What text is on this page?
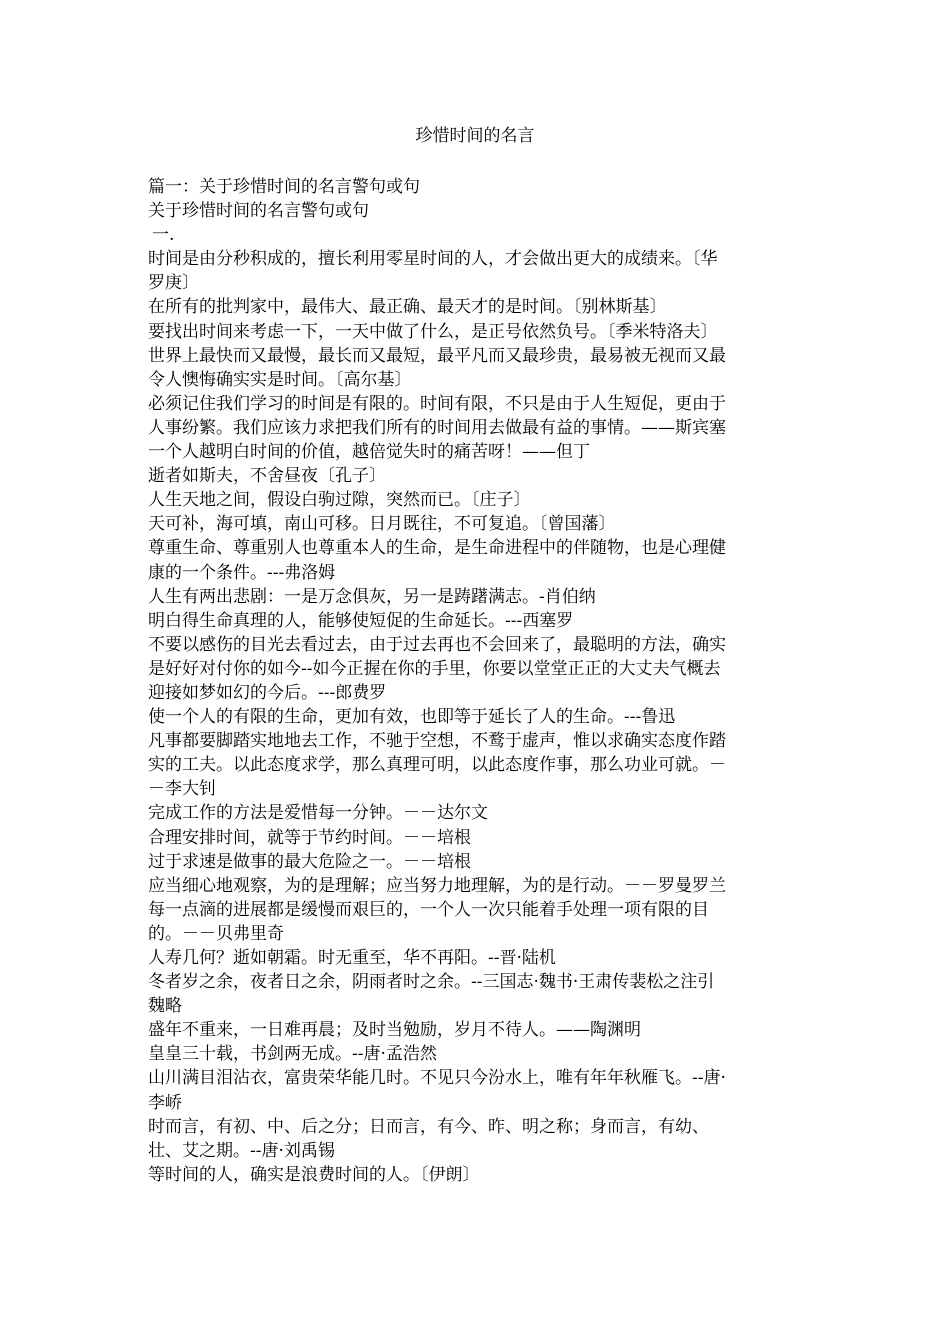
珍惜时间的名言
篇一：关于珍惜时间的名言警句或句
关于珍惜时间的名言警句或句
一.
时间是由分秒积成的，擅长利用零星时间的人，才会做出更大的成绩来。〔华
罗庚〕
在所有的批判家中，最伟大、最正确、最天才的是时间。〔别林斯基〕
要找出时间来考虑一下，一天中做了什么，是正号依然负号。〔季米特洛夫〕
世界上最快而又最慢，最长而又最短，最平凡而又最珍贵，最易被无视而又最
令人懊悔确实实是时间。〔高尔基〕
必须记住我们学习的时间是有限的。时间有限，不只是由于人生短促，更由于
人事纷繁。我们应该力求把我们所有的时间用去做最有益的事情。——斯宾塞
一个人越明白时间的价值，越倍觉失时的痛苦呀！——但丁
逝者如斯夫，不舍昼夜〔孔子〕
人生天地之间，假设白驹过隙，突然而已。〔庄子〕
天可补，海可填，南山可移。日月既往，不可复追。〔曾国藩〕
尊重生命、尊重别人也尊重本人的生命，是生命进程中的伴随物，也是心理健
康的一个条件。---弗洛姆
人生有两出悲剧：一是万念俱灰，另一是踌躇满志。-肖伯纳
明白得生命真理的人，能够使短促的生命延长。---西塞罗
不要以感伤的目光去看过去，由于过去再也不会回来了，最聪明的方法，确实
是好好对付你的如今--如今正握在你的手里，你要以堂堂正正的大丈夫气概去
迎接如梦如幻的今后。---郎费罗
使一个人的有限的生命，更加有效，也即等于延长了人的生命。---鲁迅
凡事都要脚踏实地地去工作，不驰于空想，不鹜于虚声，惟以求确实态度作踏
实的工夫。以此态度求学，那么真理可明，以此态度作事，那么功业可就。－
－李大钊
完成工作的方法是爱惜每一分钟。－－达尔文
合理安排时间，就等于节约时间。－－培根
过于求速是做事的最大危险之一。－－培根
应当细心地观察，为的是理解；应当努力地理解，为的是行动。－－罗曼罗兰
每一点滴的进展都是缓慢而艰巨的，一个人一次只能着手处理一项有限的目
的。－－贝弗里奇
人寿几何？逝如朝霜。时无重至，华不再阳。--晋·陆机
冬者岁之余，夜者日之余，阴雨者时之余。--三国志·魏书·王肃传裴松之注引
魏略
盛年不重来，一日难再晨；及时当勉励，岁月不待人。——陶渊明
皇皇三十载，书剑两无成。--唐·孟浩然
山川满目泪沾衣，富贵荣华能几时。不见只今汾水上，唯有年年秋雁飞。--唐·
李峤
时而言，有初、中、后之分；日而言，有今、昨、明之称；身而言，有幼、
壮、艾之期。--唐·刘禹锡
等时间的人，确实是浪费时间的人。〔伊朗〕
